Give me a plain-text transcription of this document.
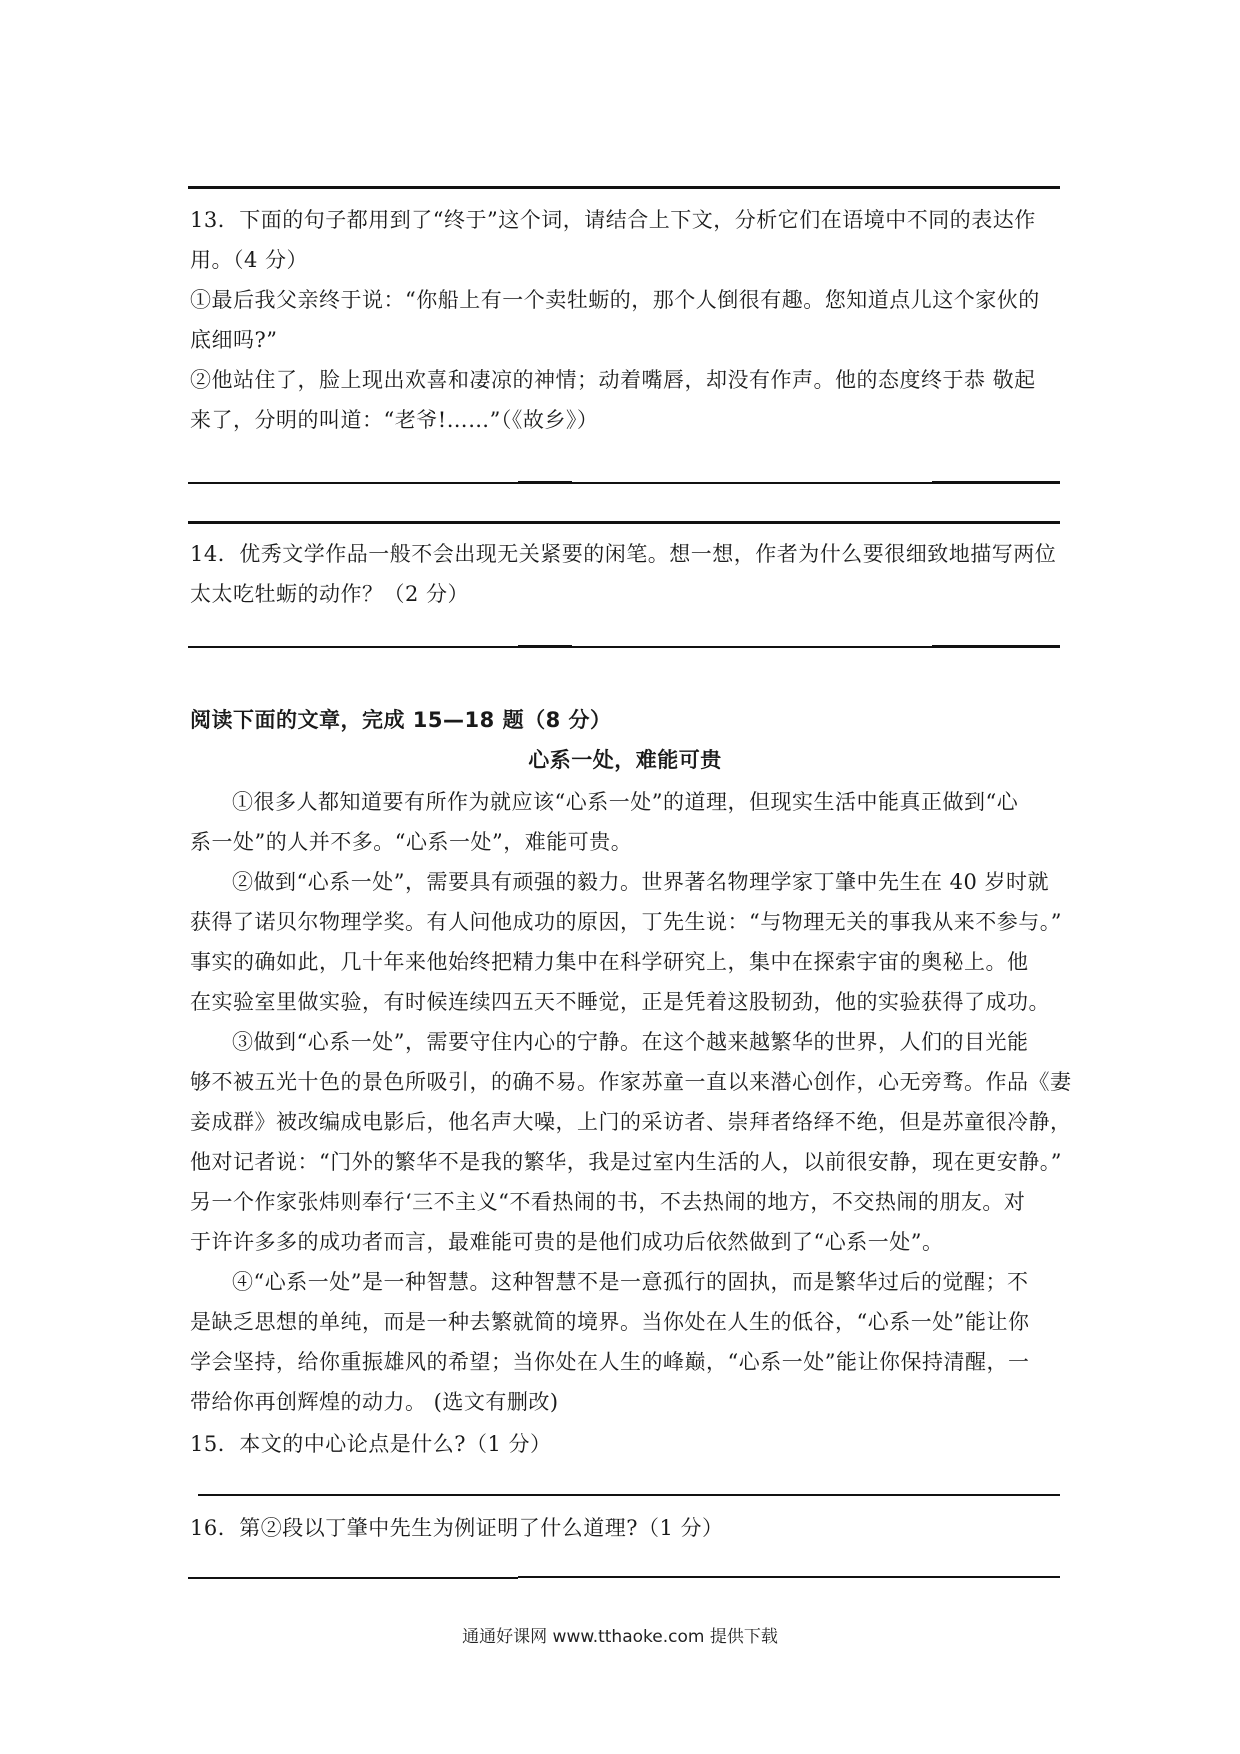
13．下面的句子都用到了“终于”这个词，请结合上下文，分析它们在语境中不同的表达作
用。（4 分）
①最后我父亲终于说：“你船上有一个卖牡蛎的，那个人倒很有趣。您知道点儿这个家伙的
底细吗?”
②他站住了，脸上现出欢喜和凄凉的神情；动着嘴唇，却没有作声。他的态度终于恭 敬起
来了，分明的叫道：“老爷!……”（《故乡》）
14．优秀文学作品一般不会出现无关紧要的闲笔。想一想，作者为什么要很细致地描写两位
太太吃牡蛎的动作？（2 分）
阅读下面的文章，完成 15—18 题（8 分）
心系一处，难能可贵
①很多人都知道要有所作为就应该“心系一处”的道理，但现实生活中能真正做到“心
系一处”的人并不多。“心系一处”，难能可贵。
②做到“心系一处”，需要具有顽强的毅力。世界著名物理学家丁肇中先生在 40 岁时就
获得了诺贝尔物理学奖。有人问他成功的原因，丁先生说：“与物理无关的事我从来不参与。”
事实的确如此，几十年来他始终把精力集中在科学研究上，集中在探索宇宙的奥秘上。他
在实验室里做实验，有时候连续四五天不睡觉，正是凭着这股韧劲，他的实验获得了成功。
③做到“心系一处”，需要守住内心的宁静。在这个越来越繁华的世界，人们的目光能
够不被五光十色的景色所吸引，的确不易。作家苏童一直以来潜心创作，心无旁骛。作品《妻
妾成群》被改编成电影后，他名声大噪，上门的采访者、崇拜者络绎不绝，但是苏童很冷静，
他对记者说：“门外的繁华不是我的繁华，我是过室内生活的人，以前很安静，现在更安静。”
另一个作家张炜则奉行‘三不主义“不看热闹的书，不去热闹的地方，不交热闹的朋友。对
于许许多多的成功者而言，最难能可贵的是他们成功后依然做到了“心系一处”。
④“心系一处”是一种智慧。这种智慧不是一意孤行的固执，而是繁华过后的觉醒；不
是缺乏思想的单纯，而是一种去繁就简的境界。当你处在人生的低谷，“心系一处”能让你
学会坚持，给你重振雄风的希望；当你处在人生的峰巅，“心系一处”能让你保持清醒，一
带给你再创辉煌的动力。 (选文有删改)
15．本文的中心论点是什么?（1 分）
16．第②段以丁肇中先生为例证明了什么道理?（1 分）
通通好课网 www.tthaoke.com 提供下载
